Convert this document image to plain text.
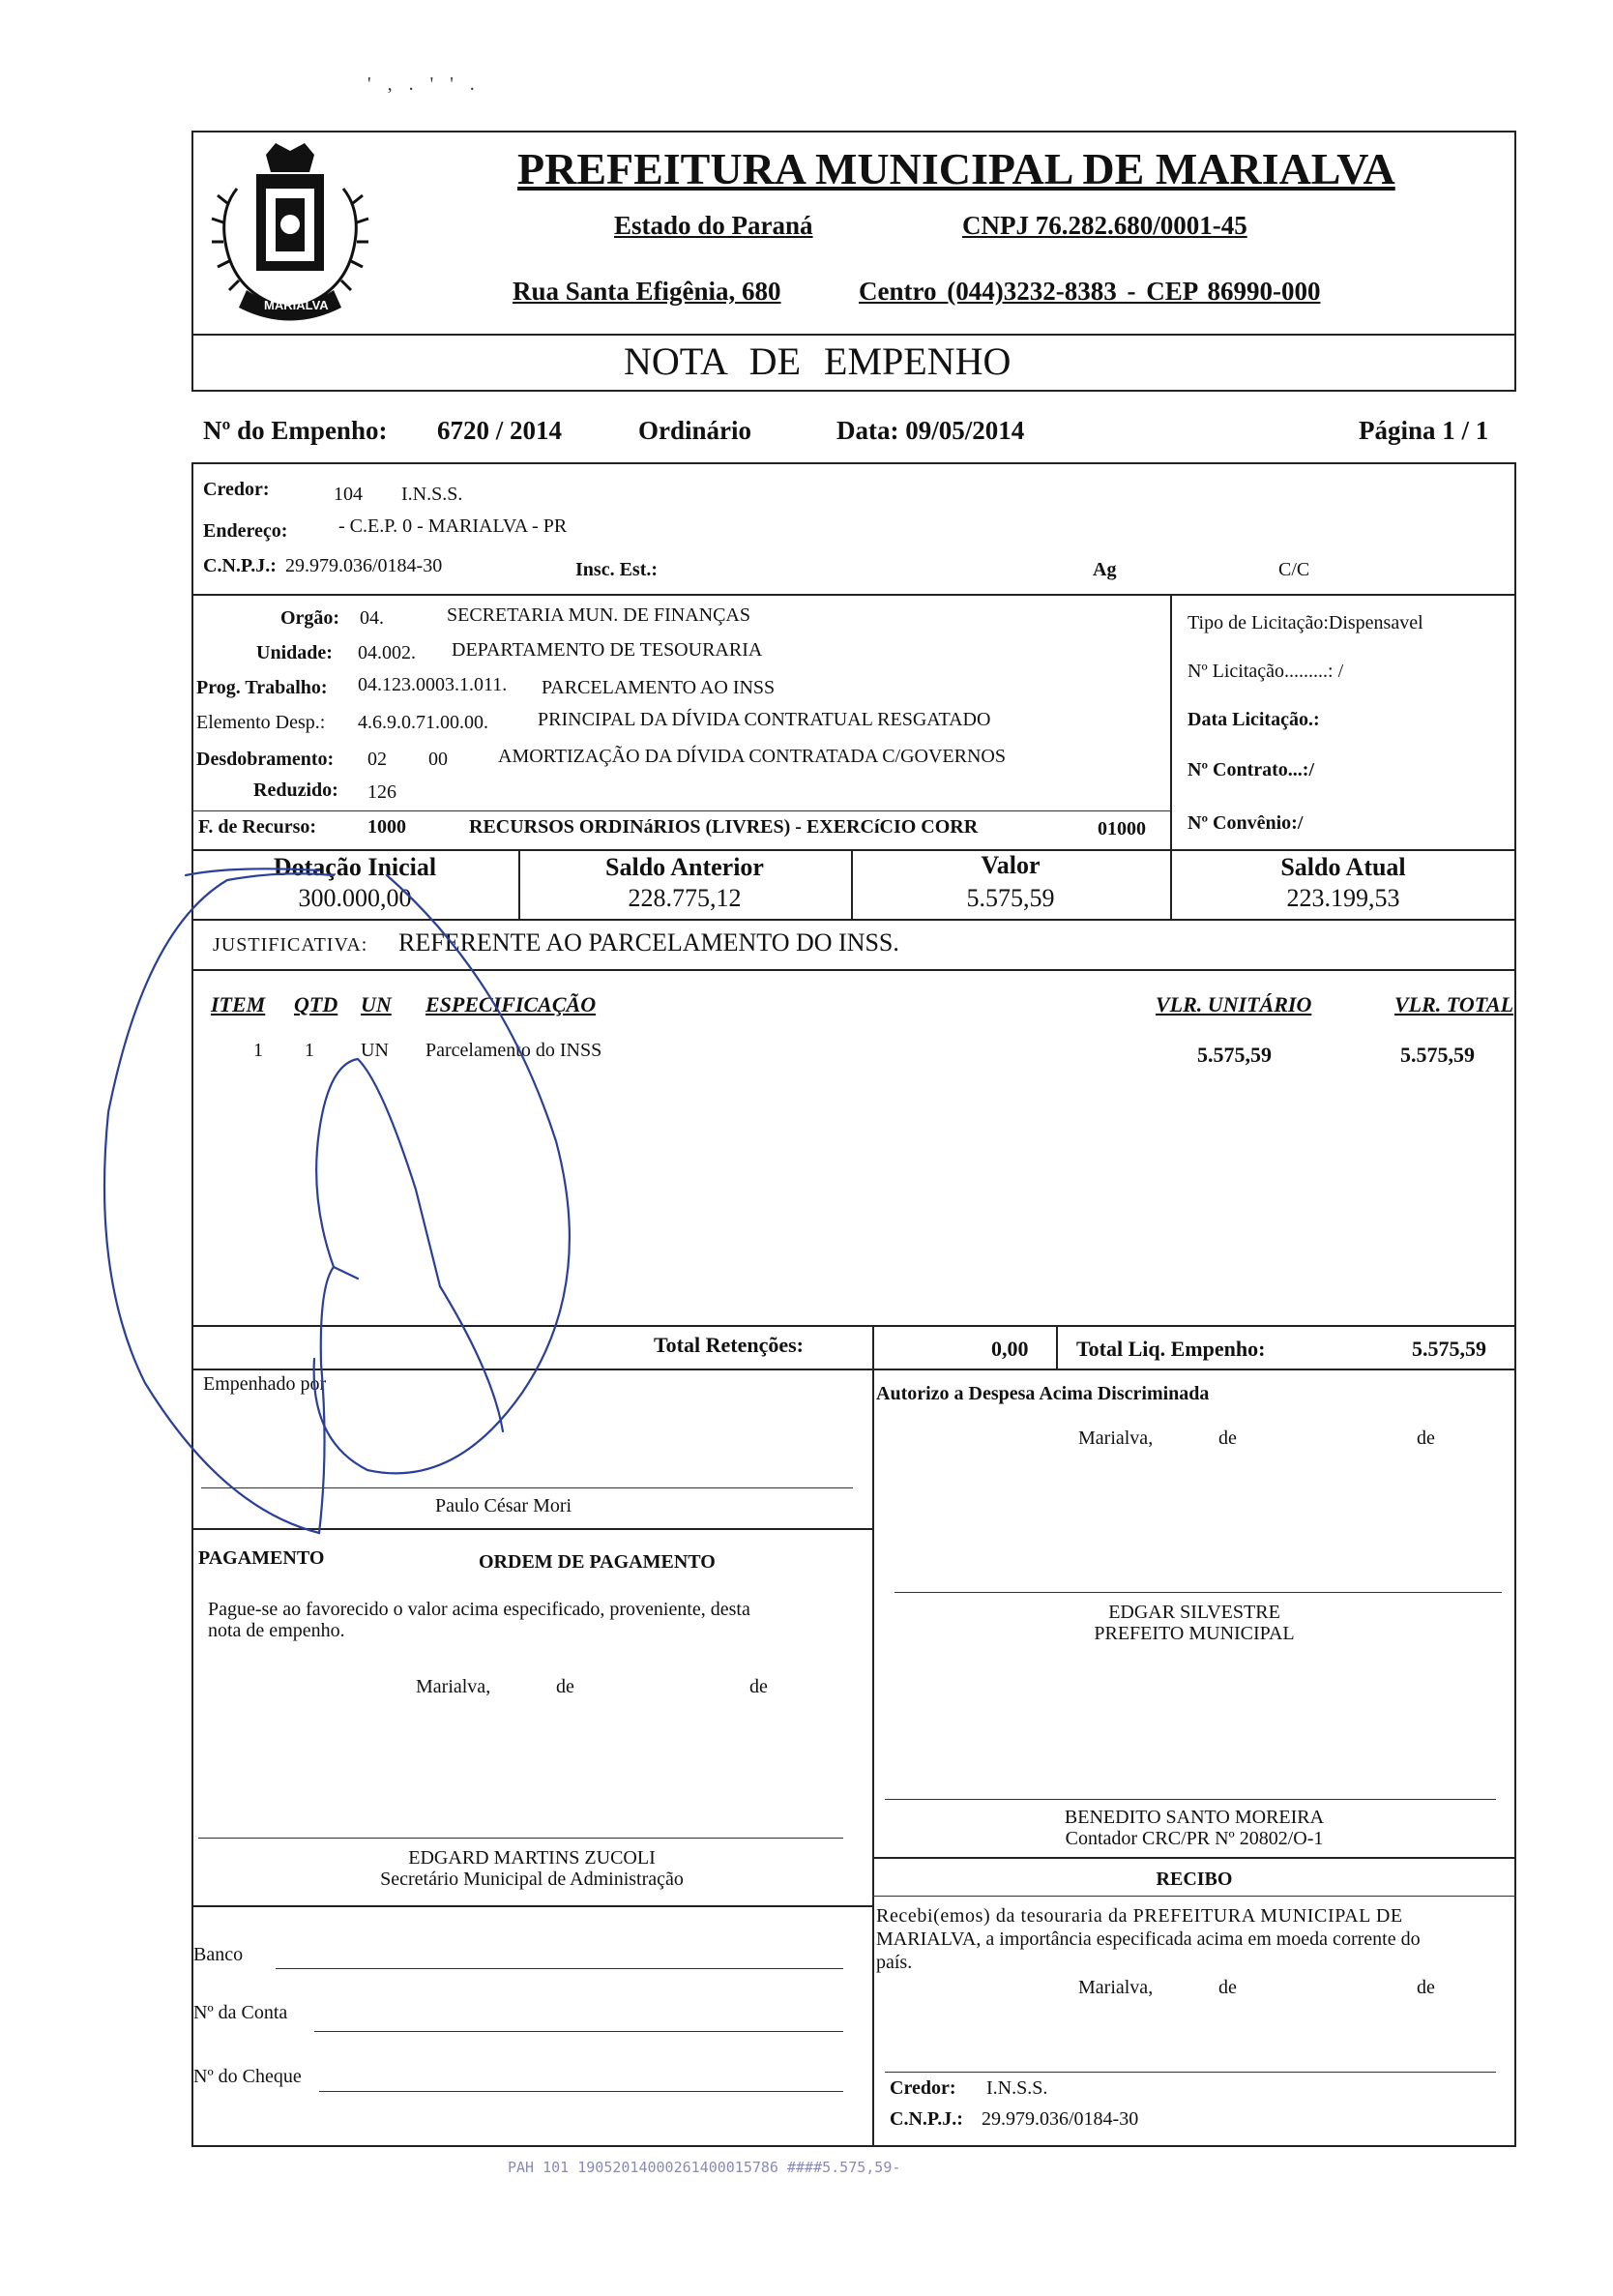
' , . ' ' .
MARIALVA
PREFEITURA MUNICIPAL DE MARIALVA
Estado do Paraná	CNPJ 76.282.680/0001-45
Rua Santa Efigênia, 680	Centro (044)3232-8383 - CEP 86990-000
NOTA DE EMPENHO
Nº do Empenho: 6720 / 2014	Ordinário	Data: 09/05/2014	Página 1 / 1
Credor:	104 I.N.S.S.
Endereço:	- C.E.P. 0 - MARIALVA - PR
C.N.P.J.: 29.979.036/0184-30	Insc. Est.:	Ag	C/C
Orgão: 04.	SECRETARIA MUN. DE FINANÇAS
Unidade: 04.002. DEPARTAMENTO DE TESOURARIA
Prog. Trabalho: 04.123.0003.1.011. PARCELAMENTO AO INSS
Elemento Desp.: 4.6.9.0.71.00.00.	PRINCIPAL DA DÍVIDA CONTRATUAL RESGATADO
Desdobramento: 02 00	AMORTIZAÇÃO DA DÍVIDA CONTRATADA C/GOVERNOS
Reduzido: 126
F. de Recurso:	1000	RECURSOS ORDINáRIOS (LIVRES) - EXERCíCIO CORR	01000
Tipo de Licitação:Dispensavel
Nº Licitação.........: /
Data Licitação.:
Nº Contrato...:/
Nº Convênio:/
Dotação Inicial
300.000,00
Saldo Anterior
228.775,12
Valor
5.575,59
Saldo Atual
223.199,53
JUSTIFICATIVA: REFERENTE AO PARCELAMENTO DO INSS.
ITEM QTD UN ESPECIFICAÇÃO	VLR. UNITÁRIO	VLR. TOTAL
1 1 UN Parcelamento do INSS	5.575,59	5.575,59
Total Retenções:	0,00 Total Liq. Empenho:	5.575,59
Empenhado por
Paulo César Mori
Autorizo a Despesa Acima Discriminada
Marialva,	de	de
EDGAR SILVESTRE
PREFEITO MUNICIPAL
PAGAMENTO	ORDEM DE PAGAMENTO
Pague-se ao favorecido o valor acima especificado, proveniente, desta
nota de empenho.
Marialva,	de	de
EDGARD MARTINS ZUCOLI
Secretário Municipal de Administração
BENEDITO SANTO MOREIRA
Contador CRC/PR Nº 20802/O-1
RECIBO
Recebi(emos) da tesouraria da PREFEITURA MUNICIPAL DE
MARIALVA, a importância especificada acima em moeda corrente do
país.
Marialva,	de	de
Credor: I.N.S.S.
C.N.P.J.: 29.979.036/0184-30
Banco
Nº da Conta
Nº do Cheque
PAH 101 19052014000261400015786 ####5.575,59-
